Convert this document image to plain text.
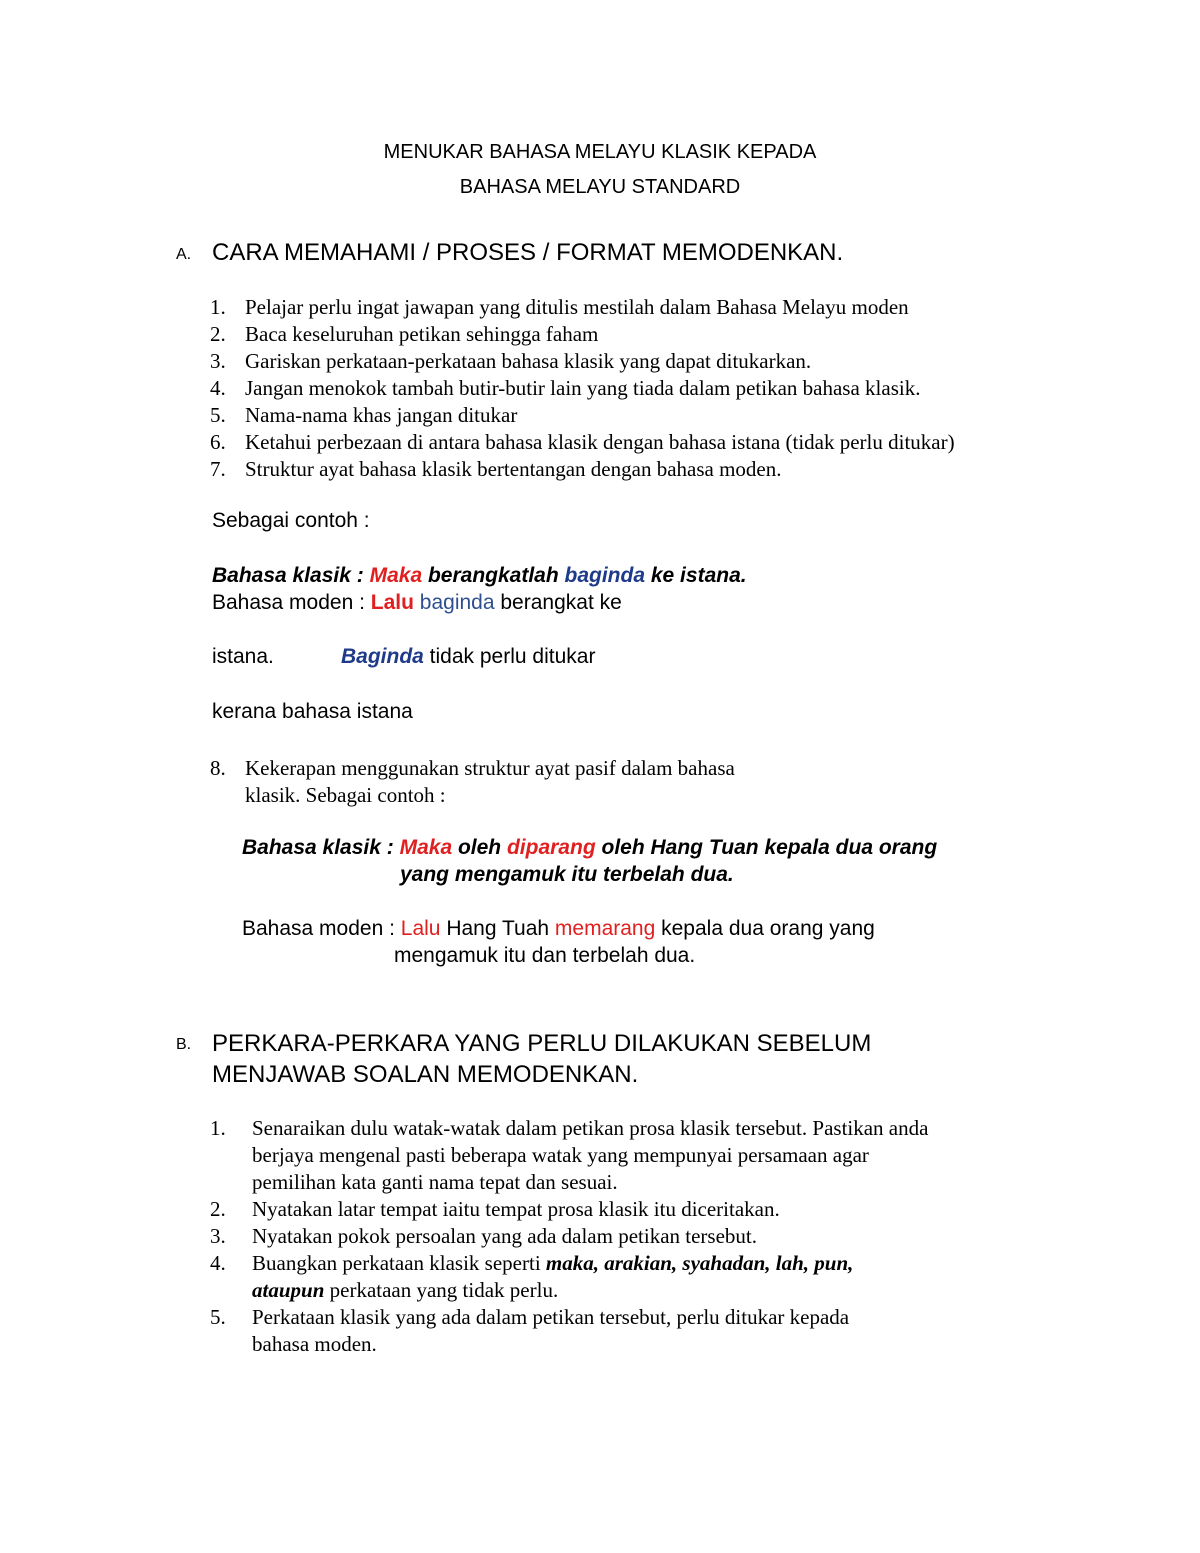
MENUKAR BAHASA MELAYU KLASIK KEPADA
BAHASA MELAYU STANDARD
A. CARA MEMAHAMI / PROSES / FORMAT MEMODENKAN.
1. Pelajar perlu ingat jawapan yang ditulis mestilah dalam Bahasa Melayu moden
2. Baca keseluruhan petikan sehingga faham
3. Gariskan perkataan-perkataan bahasa klasik yang dapat ditukarkan.
4. Jangan menokok tambah butir-butir lain yang tiada dalam petikan bahasa klasik.
5. Nama-nama khas jangan ditukar
6. Ketahui perbezaan di antara bahasa klasik dengan bahasa istana (tidak perlu ditukar)
7. Struktur ayat bahasa klasik bertentangan dengan bahasa moden.
Sebagai contoh :
Bahasa klasik : Maka berangkatlah baginda ke istana.
Bahasa moden : Lalu baginda berangkat ke
istana.	Baginda tidak perlu ditukar
kerana bahasa istana
8. Kekerapan menggunakan struktur ayat pasif dalam bahasa
klasik. Sebagai contoh :
Bahasa klasik : Maka oleh diparang oleh Hang Tuan kepala dua orang
yang mengamuk itu terbelah dua.
Bahasa moden : Lalu Hang Tuah memarang kepala dua orang yang
mengamuk itu dan terbelah dua.
B. PERKARA-PERKARA YANG PERLU DILAKUKAN SEBELUM
MENJAWAB SOALAN MEMODENKAN.
1. Senaraikan dulu watak-watak dalam petikan prosa klasik tersebut. Pastikan anda
berjaya mengenal pasti beberapa watak yang mempunyai persamaan agar
pemilihan kata ganti nama tepat dan sesuai.
2. Nyatakan latar tempat iaitu tempat prosa klasik itu diceritakan.
3. Nyatakan pokok persoalan yang ada dalam petikan tersebut.
4. Buangkan perkataan klasik seperti maka, arakian, syahadan, lah, pun,
ataupun perkataan yang tidak perlu.
5. Perkataan klasik yang ada dalam petikan tersebut, perlu ditukar kepada
bahasa moden.
